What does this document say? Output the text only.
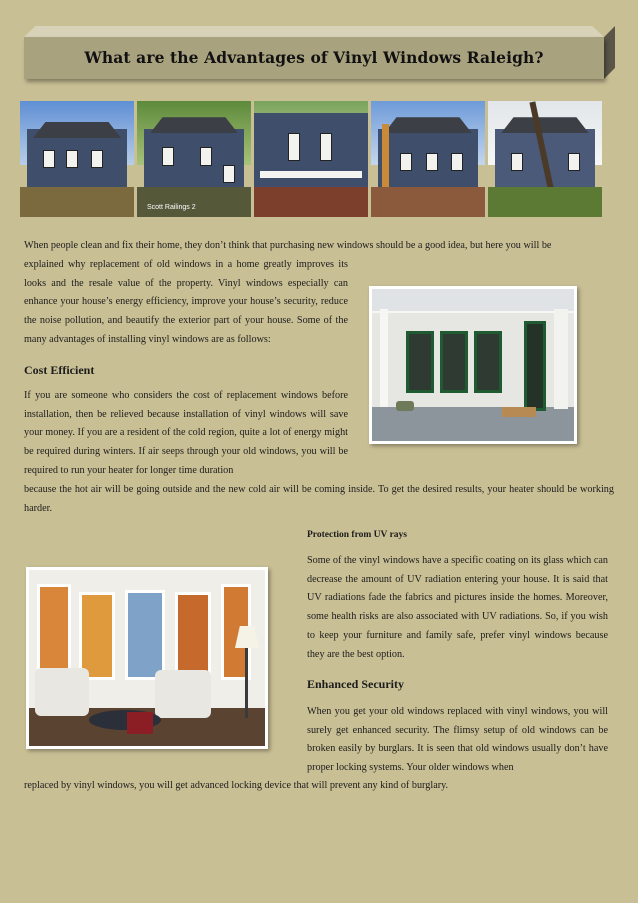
What are the Advantages of Vinyl Windows Raleigh?
Scott Railings 2

When people clean and fix their home, they don’t think that purchasing new windows should be a good idea, but here you will be

explained why replacement of old windows in a home greatly improves its looks and the resale value of the property. Vinyl windows especially can enhance your house’s energy efficiency, improve your house’s security, reduce the noise pollution, and beautify the exterior part of your house. Some of the many advantages of installing vinyl windows are as follows:

Cost Efficient

If you are someone who considers the cost of replacement windows before installation, then be relieved because installation of vinyl windows will save your money. If you are a resident of the cold region, quite a lot of energy might be required during winters. If air seeps through your old windows, you will be required to run your heater for longer time duration

because the hot air will be going outside and the new cold air will be coming inside. To get the desired results, your heater should be working harder.

Protection from UV rays

Some of the vinyl windows have a specific coating on its glass which can decrease the amount of UV radiation entering your house. It is said that UV radiations fade the fabrics and pictures inside the homes. Moreover, some health risks are also associated with UV radiations. So, if you wish to keep your furniture and family safe, prefer vinyl windows because they are the best option.

Enhanced Security

When you get your old windows replaced with vinyl windows, you will surely get enhanced security. The flimsy setup of old windows can be broken easily by burglars. It is seen that old windows usually don’t have proper locking systems. Your older windows when

replaced by vinyl windows, you will get advanced locking device that will prevent any kind of burglary.
